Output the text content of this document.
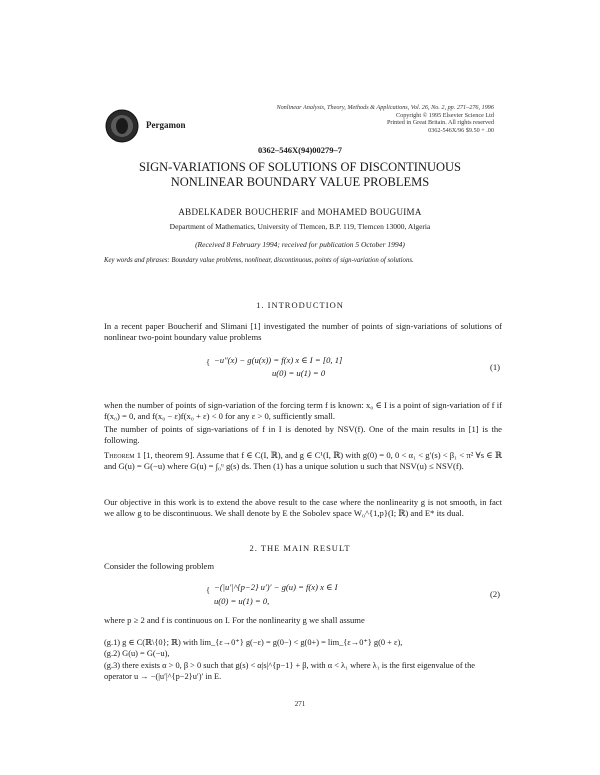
Pergamon
Nonlinear Analysis, Theory, Methods & Applications, Vol. 26, No. 2, pp. 271–276, 1996
Copyright © 1995 Elsevier Science Ltd
Printed in Great Britain. All rights reserved
0362-546X/96 $9.50 + .00
0362–546X(94)00279–7
SIGN-VARIATIONS OF SOLUTIONS OF DISCONTINUOUS
NONLINEAR BOUNDARY VALUE PROBLEMS
ABDELKADER BOUCHERIF and MOHAMED BOUGUIMA
Department of Mathematics, University of Tlemcen, B.P. 119, Tlemcen 13000, Algeria
(Received 8 February 1994; received for publication 5 October 1994)
Key words and phrases: Boundary value problems, nonlinear, discontinuous, points of sign-variation of solutions.
1. INTRODUCTION
In a recent paper Boucherif and Slimani [1] investigated the number of points of sign-variations of solutions of nonlinear two-point boundary value problems
{ −u″(x) − g(u(x)) = f(x) x ∈ I = [0, 1]
u(0) = u(1) = 0
(1)
when the number of points of sign-variation of the forcing term f is known: x₀ ∈ I is a point of sign-variation of f if f(x₀) = 0, and f(x₀ − ε)f(x₀ + ε) < 0 for any ε > 0, sufficiently small.
The number of points of sign-variations of f in I is denoted by NSV(f). One of the main results in [1] is the following.
Theorem 1 [1, theorem 9]. Assume that f ∈ C(I, ℝ), and g ∈ C¹(I, ℝ) with g(0) = 0, 0 < α₁ < g′(s) < β₁ < π² ∀s ∈ ℝ and G(u) = G(−u) where G(u) = ∫₀ᵘ g(s) ds. Then (1) has a unique solution u such that NSV(u) ≤ NSV(f).
Our objective in this work is to extend the above result to the case where the nonlinearity g is not smooth, in fact we allow g to be discontinuous. We shall denote by E the Sobolev space W₀^{1,p}(I; ℝ) and E* its dual.
2. THE MAIN RESULT
Consider the following problem
{ −(|u′|^{p−2} u′)′ − g(u) = f(x) x ∈ I
u(0) = u(1) = 0,
(2)
where p ≥ 2 and f is continuous on I. For the nonlinearity g we shall assume
(g.1) g ∈ C(ℝ\{0}; ℝ) with lim_{ε→0⁺} g(−ε) = g(0−) < g(0+) = lim_{ε→0⁺} g(0 + ε),
(g.2) G(u) = G(−u),
(g.3) there exists α > 0, β > 0 such that g(s) < α|s|^{p−1} + β, with α < λ₁ where λ₁ is the first eigenvalue of the operator u → −(|u′|^{p−2}u′)′ in E.
271
